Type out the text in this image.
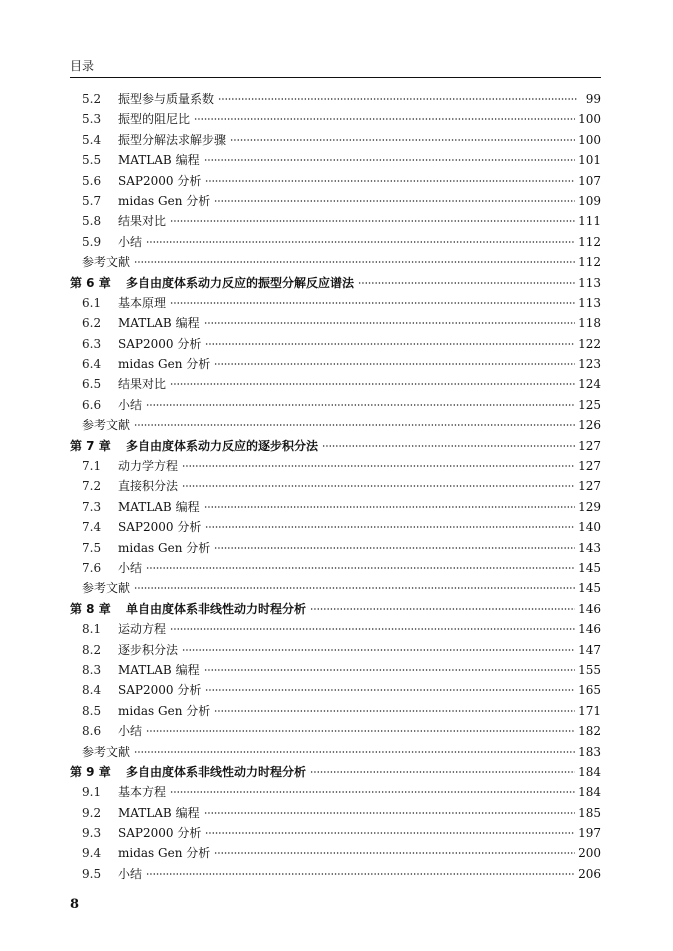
目录
5.2	振型参与质量系数	99
5.3	振型的阻尼比	100
5.4	振型分解法求解步骤	100
5.5	MATLAB 编程	101
5.6	SAP2000 分析	107
5.7	midas Gen 分析	109
5.8	结果对比	111
5.9	小结	112
参考文献	112
第 6 章	多自由度体系动力反应的振型分解反应谱法	113
6.1	基本原理	113
6.2	MATLAB 编程	118
6.3	SAP2000 分析	122
6.4	midas Gen 分析	123
6.5	结果对比	124
6.6	小结	125
参考文献	126
第 7 章	多自由度体系动力反应的逐步积分法	127
7.1	动力学方程	127
7.2	直接积分法	127
7.3	MATLAB 编程	129
7.4	SAP2000 分析	140
7.5	midas Gen 分析	143
7.6	小结	145
参考文献	145
第 8 章	单自由度体系非线性动力时程分析	146
8.1	运动方程	146
8.2	逐步积分法	147
8.3	MATLAB 编程	155
8.4	SAP2000 分析	165
8.5	midas Gen 分析	171
8.6	小结	182
参考文献	183
第 9 章	多自由度体系非线性动力时程分析	184
9.1	基本方程	184
9.2	MATLAB 编程	185
9.3	SAP2000 分析	197
9.4	midas Gen 分析	200
9.5	小结	206
8
